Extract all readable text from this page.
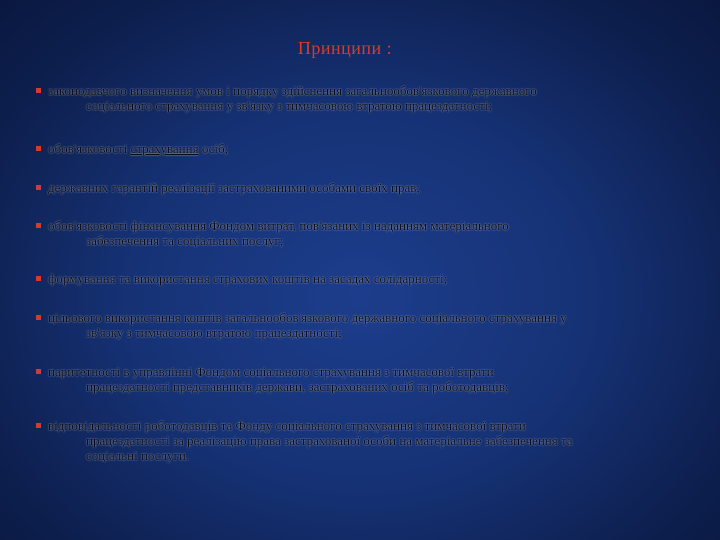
Принципи :
законодавчого визначення умов і порядку здійснення загальнообов'язкового державного
соціального страхування у зв'язку з тимчасовою втратою працездатності;
обов'язковості страхування осіб;
державних гарантій реалізації застрахованими особами своїх прав;
обов'язковості фінансування Фондом витрат, пов'язаних із наданням матеріального
забезпечення та соціальних послуг;
формування та використання страхових коштів на засадах солідарності;
цільового використання коштів загальнообов'язкового державного соціального страхування у
зв'язку з тимчасовою втратою працездатності;
паритетності в управлінні Фондом соціального страхування з тимчасової втрати
працездатності представників держави, застрахованих осіб та роботодавців;
відповідальності роботодавців та Фонду соціального страхування з тимчасової втрати
працездатності за реалізацію права застрахованої особи на матеріальне забезпечення та
соціальні послуги.
